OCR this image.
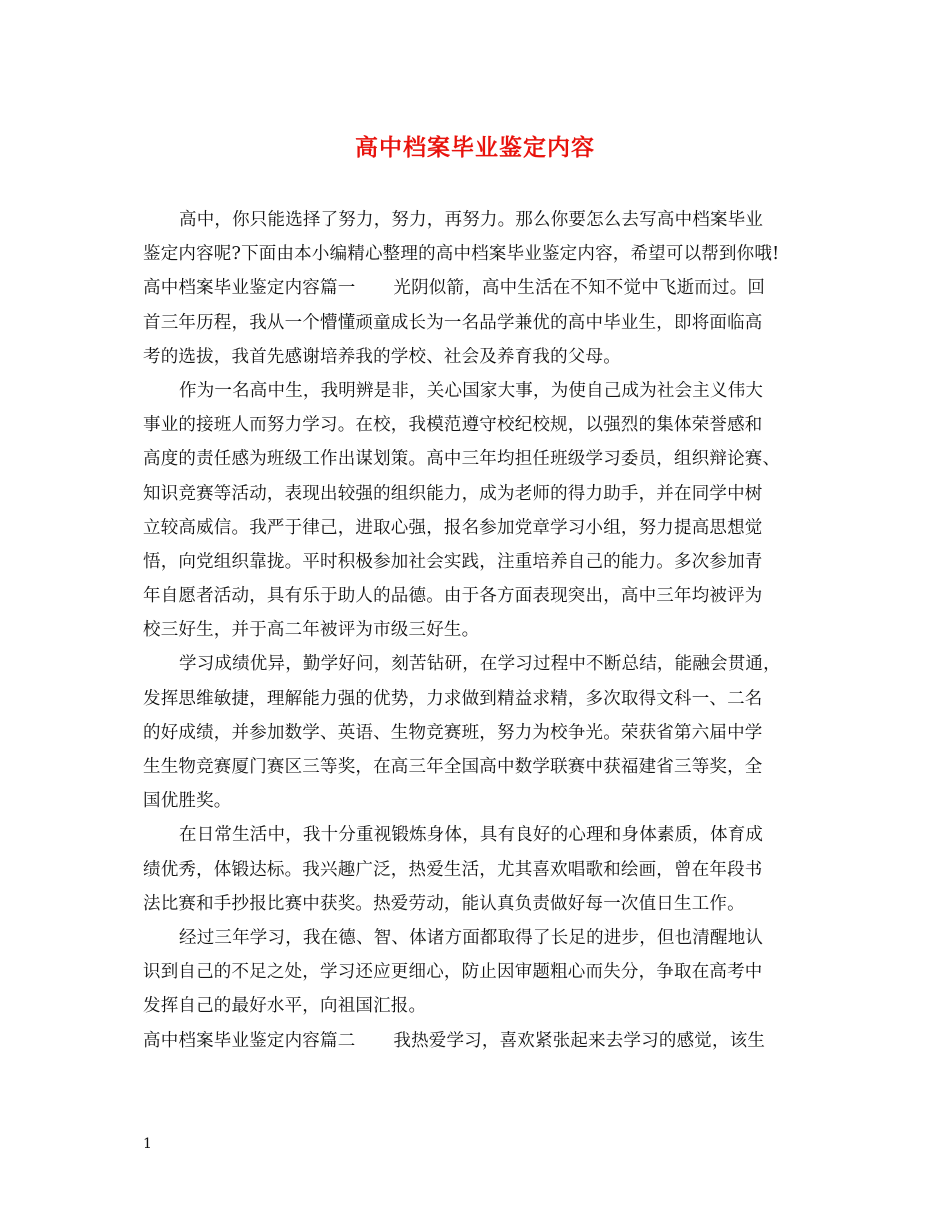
高中档案毕业鉴定内容
高中，你只能选择了努力，努力，再努力。那么你要怎么去写高中档案毕业
鉴定内容呢?下面由本小编精心整理的高中档案毕业鉴定内容，希望可以帮到你哦!
高中档案毕业鉴定内容篇一 光阴似箭，高中生活在不知不觉中飞逝而过。回
首三年历程，我从一个懵懂顽童成长为一名品学兼优的高中毕业生，即将面临高
考的选拔，我首先感谢培养我的学校、社会及养育我的父母。
作为一名高中生，我明辨是非，关心国家大事，为使自己成为社会主义伟大
事业的接班人而努力学习。在校，我模范遵守校纪校规，以强烈的集体荣誉感和
高度的责任感为班级工作出谋划策。高中三年均担任班级学习委员，组织辩论赛、
知识竞赛等活动，表现出较强的组织能力，成为老师的得力助手，并在同学中树
立较高威信。我严于律己，进取心强，报名参加党章学习小组，努力提高思想觉
悟，向党组织靠拢。平时积极参加社会实践，注重培养自己的能力。多次参加青
年自愿者活动，具有乐于助人的品德。由于各方面表现突出，高中三年均被评为
校三好生，并于高二年被评为市级三好生。
学习成绩优异，勤学好问，刻苦钻研，在学习过程中不断总结，能融会贯通，
发挥思维敏捷，理解能力强的优势，力求做到精益求精，多次取得文科一、二名
的好成绩，并参加数学、英语、生物竞赛班，努力为校争光。荣获省第六届中学
生生物竞赛厦门赛区三等奖，在高三年全国高中数学联赛中获福建省三等奖，全
国优胜奖。
在日常生活中，我十分重视锻炼身体，具有良好的心理和身体素质，体育成
绩优秀，体锻达标。我兴趣广泛，热爱生活，尤其喜欢唱歌和绘画，曾在年段书
法比赛和手抄报比赛中获奖。热爱劳动，能认真负责做好每一次值日生工作。
经过三年学习，我在德、智、体诸方面都取得了长足的进步，但也清醒地认
识到自己的不足之处，学习还应更细心，防止因审题粗心而失分，争取在高考中
发挥自己的最好水平，向祖国汇报。
高中档案毕业鉴定内容篇二 我热爱学习，喜欢紧张起来去学习的感觉，该生
1
